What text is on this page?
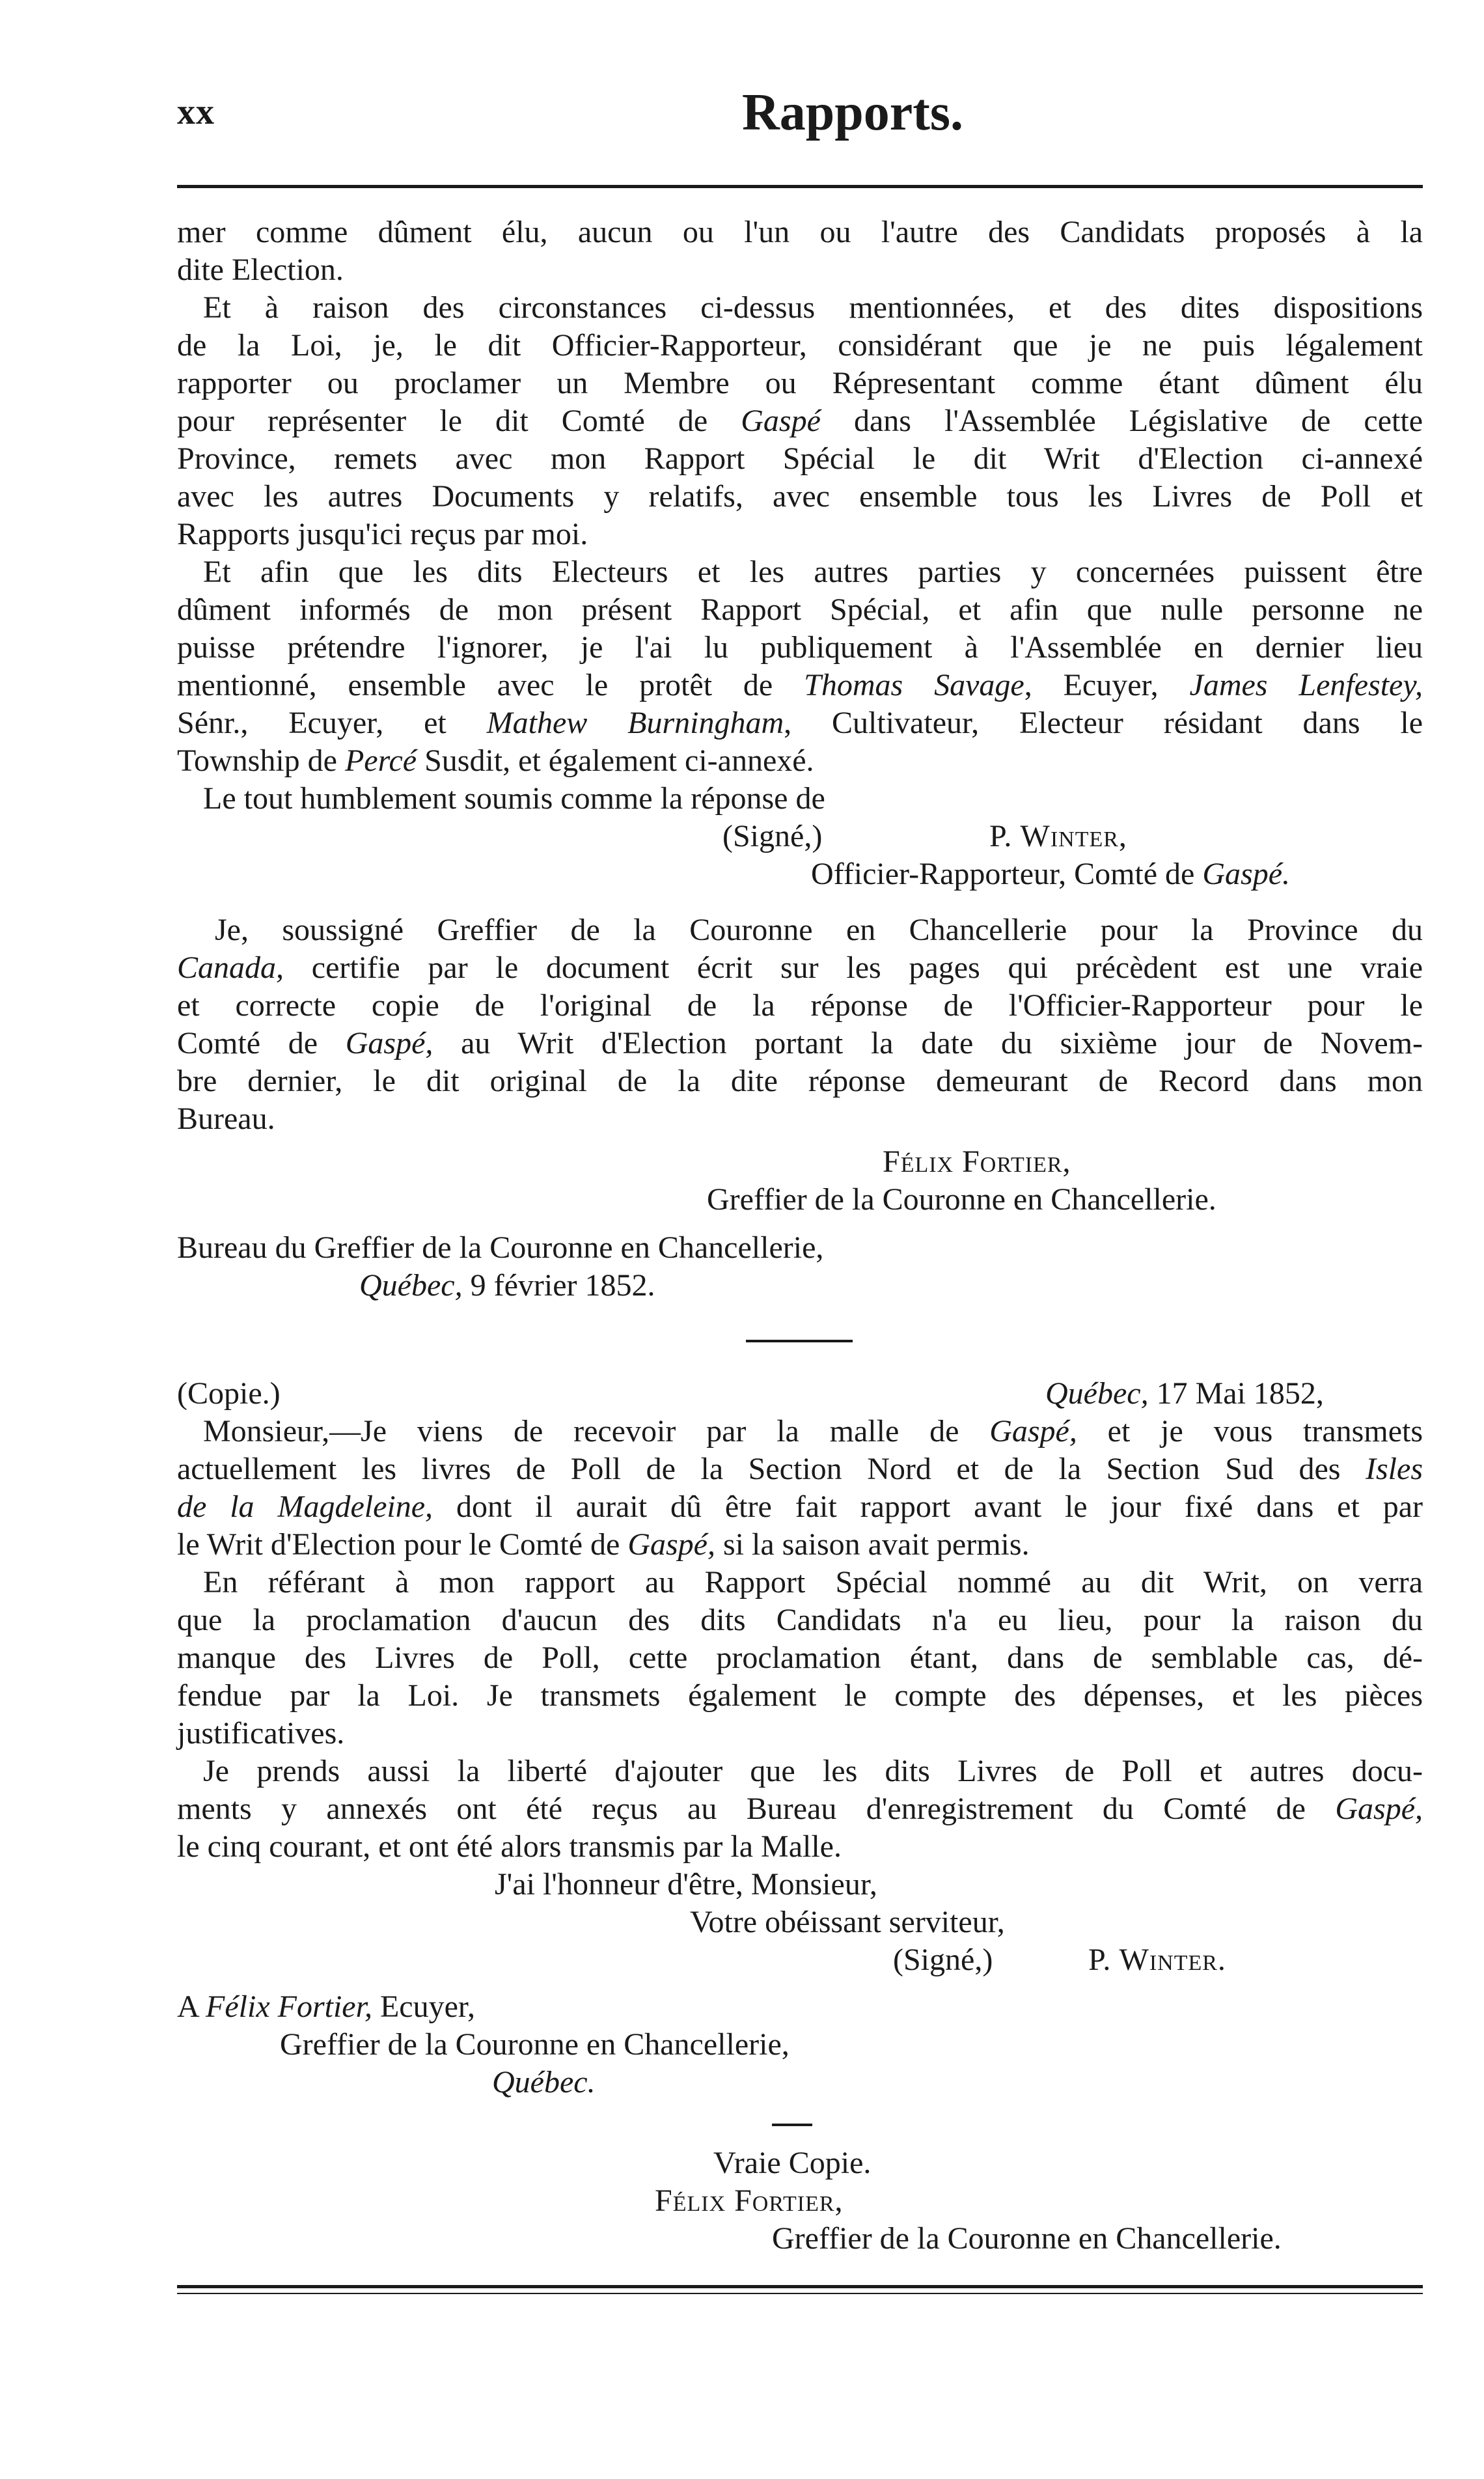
xx	Rapports.
mer comme dûment élu, aucun ou l'un ou l'autre des Candidats proposés à la
dite Election.
Et à raison des circonstances ci-dessus mentionnées, et des dites dispositions
de la Loi, je, le dit Officier-Rapporteur, considérant que je ne puis légalement
rapporter ou proclamer un Membre ou Répresentant comme étant dûment élu
pour représenter le dit Comté de Gaspé dans l'Assemblée Législative de cette
Province, remets avec mon Rapport Spécial le dit Writ d'Election ci-annexé
avec les autres Documents y relatifs, avec ensemble tous les Livres de Poll et
Rapports jusqu'ici reçus par moi.
Et afin que les dits Electeurs et les autres parties y concernées puissent être
dûment informés de mon présent Rapport Spécial, et afin que nulle personne ne
puisse prétendre l'ignorer, je l'ai lu publiquement à l'Assemblée en dernier lieu
mentionné, ensemble avec le protêt de Thomas Savage, Ecuyer, James Lenfestey,
Sénr., Ecuyer, et Mathew Burningham, Cultivateur, Electeur résidant dans le
Township de Percé Susdit, et également ci-annexé.
Le tout humblement soumis comme la réponse de
(Signé,)	P. Winter,
Officier-Rapporteur, Comté de Gaspé.
Je, soussigné Greffier de la Couronne en Chancellerie pour la Province du
Canada, certifie par le document écrit sur les pages qui précèdent est une vraie
et correcte copie de l'original de la réponse de l'Officier-Rapporteur pour le
Comté de Gaspé, au Writ d'Election portant la date du sixième jour de Novem-
bre dernier, le dit original de la dite réponse demeurant de Record dans mon
Bureau.
Félix Fortier,
Greffier de la Couronne en Chancellerie.
Bureau du Greffier de la Couronne en Chancellerie,
Québec, 9 février 1852.
(Copie.)	Québec, 17 Mai 1852,
Monsieur,—Je viens de recevoir par la malle de Gaspé, et je vous transmets
actuellement les livres de Poll de la Section Nord et de la Section Sud des Isles
de la Magdeleine, dont il aurait dû être fait rapport avant le jour fixé dans et par
le Writ d'Election pour le Comté de Gaspé, si la saison avait permis.
En référant à mon rapport au Rapport Spécial nommé au dit Writ, on verra
que la proclamation d'aucun des dits Candidats n'a eu lieu, pour la raison du
manque des Livres de Poll, cette proclamation étant, dans de semblable cas, dé-
fendue par la Loi. Je transmets également le compte des dépenses, et les pièces
justificatives.
Je prends aussi la liberté d'ajouter que les dits Livres de Poll et autres docu-
ments y annexés ont été reçus au Bureau d'enregistrement du Comté de Gaspé,
le cinq courant, et ont été alors transmis par la Malle.
J'ai l'honneur d'être, Monsieur,
Votre obéissant serviteur,
(Signé,)	P. Winter.
A Félix Fortier, Ecuyer,
Greffier de la Couronne en Chancellerie,
Québec.
Vraie Copie.
Félix Fortier,
Greffier de la Couronne en Chancellerie.
